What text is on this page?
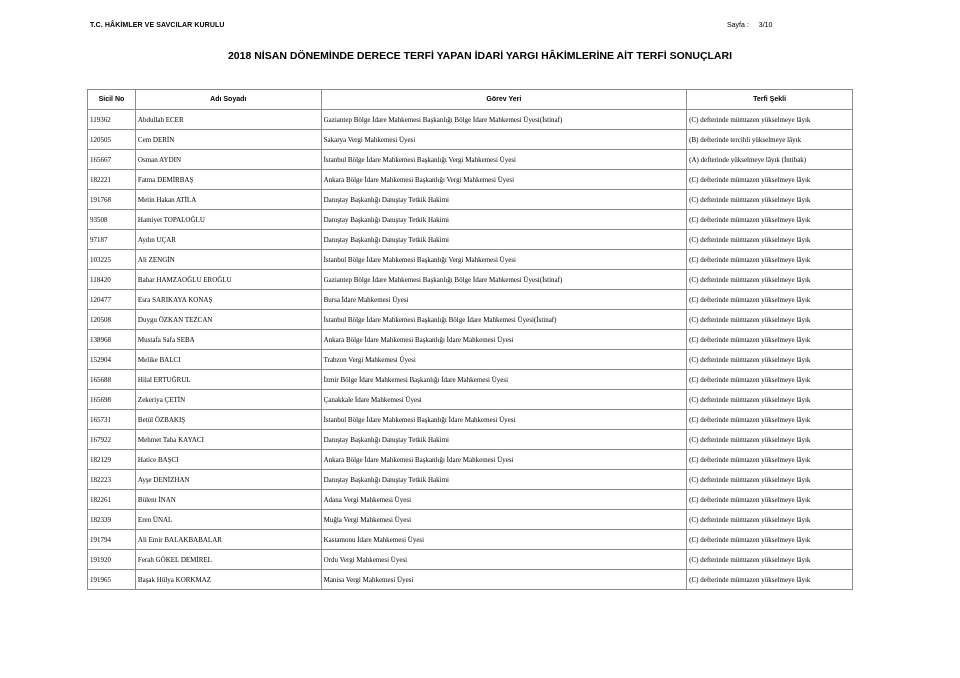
T.C. HÂKİMLER VE SAVCILAR KURULU	Sayfa : 3/10
2018 NİSAN DÖNEMİNDE DERECE TERFİ YAPAN İDARİ YARGI HÂKİMLERİNE AİT TERFİ SONUÇLARI
Sicil No	Adı Soyadı	Görev Yeri	Terfi Şekli
119362	Abdullah ECER	Gaziantep Bölge İdare Mahkemesi Başkanlığı Bölge İdare Mahkemesi Üyesi(İstinaf)	(C) defterinde mümtazen yükselmeye lâyık
120505	Cem DERİN	Sakarya Vergi Mahkemesi Üyesi	(B) defterinde tercihli yükselmeye lâyık
165667	Osman AYDIN	İstanbul Bölge İdare Mahkemesi Başkanlığı Vergi Mahkemesi Üyesi	(A) defterinde yükselmeye lâyık (İntibak)
182221	Fatma DEMİRBAŞ	Ankara Bölge İdare Mahkemesi Başkanlığı Vergi Mahkemesi Üyesi	(C) defterinde mümtazen yükselmeye lâyık
191768	Metin Hakan ATİLA	Danıştay Başkanlığı Danıştay Tetkik Hakimi	(C) defterinde mümtazen yükselmeye lâyık
93508	Hamiyet TOPALOĞLU	Danıştay Başkanlığı Danıştay Tetkik Hakimi	(C) defterinde mümtazen yükselmeye lâyık
97187	Aydın UÇAR	Danıştay Başkanlığı Danıştay Tetkik Hakimi	(C) defterinde mümtazen yükselmeye lâyık
103225	Ali ZENGİN	İstanbul Bölge İdare Mahkemesi Başkanlığı Vergi Mahkemesi Üyesi	(C) defterinde mümtazen yükselmeye lâyık
118420	Bahar HAMZAOĞLU EROĞLU	Gaziantep Bölge İdare Mahkemesi Başkanlığı Bölge İdare Mahkemesi Üyesi(İstinaf)	(C) defterinde mümtazen yükselmeye lâyık
120477	Esra SARIKAYA KONAŞ	Bursa İdare Mahkemesi Üyesi	(C) defterinde mümtazen yükselmeye lâyık
120508	Duygu ÖZKAN TEZCAN	İstanbul Bölge İdare Mahkemesi Başkanlığı Bölge İdare Mahkemesi Üyesi(İstinaf)	(C) defterinde mümtazen yükselmeye lâyık
138968	Mustafa Safa SEBA	Ankara Bölge İdare Mahkemesi Başkanlığı İdare Mahkemesi Üyesi	(C) defterinde mümtazen yükselmeye lâyık
152904	Melike BALCI	Trabzon Vergi Mahkemesi Üyesi	(C) defterinde mümtazen yükselmeye lâyık
165688	Hilal ERTUĞRUL	İzmir Bölge İdare Mahkemesi Başkanlığı İdare Mahkemesi Üyesi	(C) defterinde mümtazen yükselmeye lâyık
165698	Zekeriya ÇETİN	Çanakkale İdare Mahkemesi Üyesi	(C) defterinde mümtazen yükselmeye lâyık
165731	Betül ÖZBAKIŞ	İstanbul Bölge İdare Mahkemesi Başkanlığı İdare Mahkemesi Üyesi	(C) defterinde mümtazen yükselmeye lâyık
167922	Mehmet Taha KAYACI	Danıştay Başkanlığı Danıştay Tetkik Hakimi	(C) defterinde mümtazen yükselmeye lâyık
182129	Hatice BAŞCI	Ankara Bölge İdare Mahkemesi Başkanlığı İdare Mahkemesi Üyesi	(C) defterinde mümtazen yükselmeye lâyık
182223	Ayşe DENİZHAN	Danıştay Başkanlığı Danıştay Tetkik Hakimi	(C) defterinde mümtazen yükselmeye lâyık
182261	Bülent İNAN	Adana Vergi Mahkemesi Üyesi	(C) defterinde mümtazen yükselmeye lâyık
182339	Eren ÜNAL	Muğla Vergi Mahkemesi Üyesi	(C) defterinde mümtazen yükselmeye lâyık
191794	Ali Emir BALAKBABALAR	Kastamonu İdare Mahkemesi Üyesi	(C) defterinde mümtazen yükselmeye lâyık
191920	Ferah GÖKEL DEMİREL	Ordu Vergi Mahkemesi Üyesi	(C) defterinde mümtazen yükselmeye lâyık
191965	Başak Hülya KORKMAZ	Manisa Vergi Mahkemesi Üyesi	(C) defterinde mümtazen yükselmeye lâyık
